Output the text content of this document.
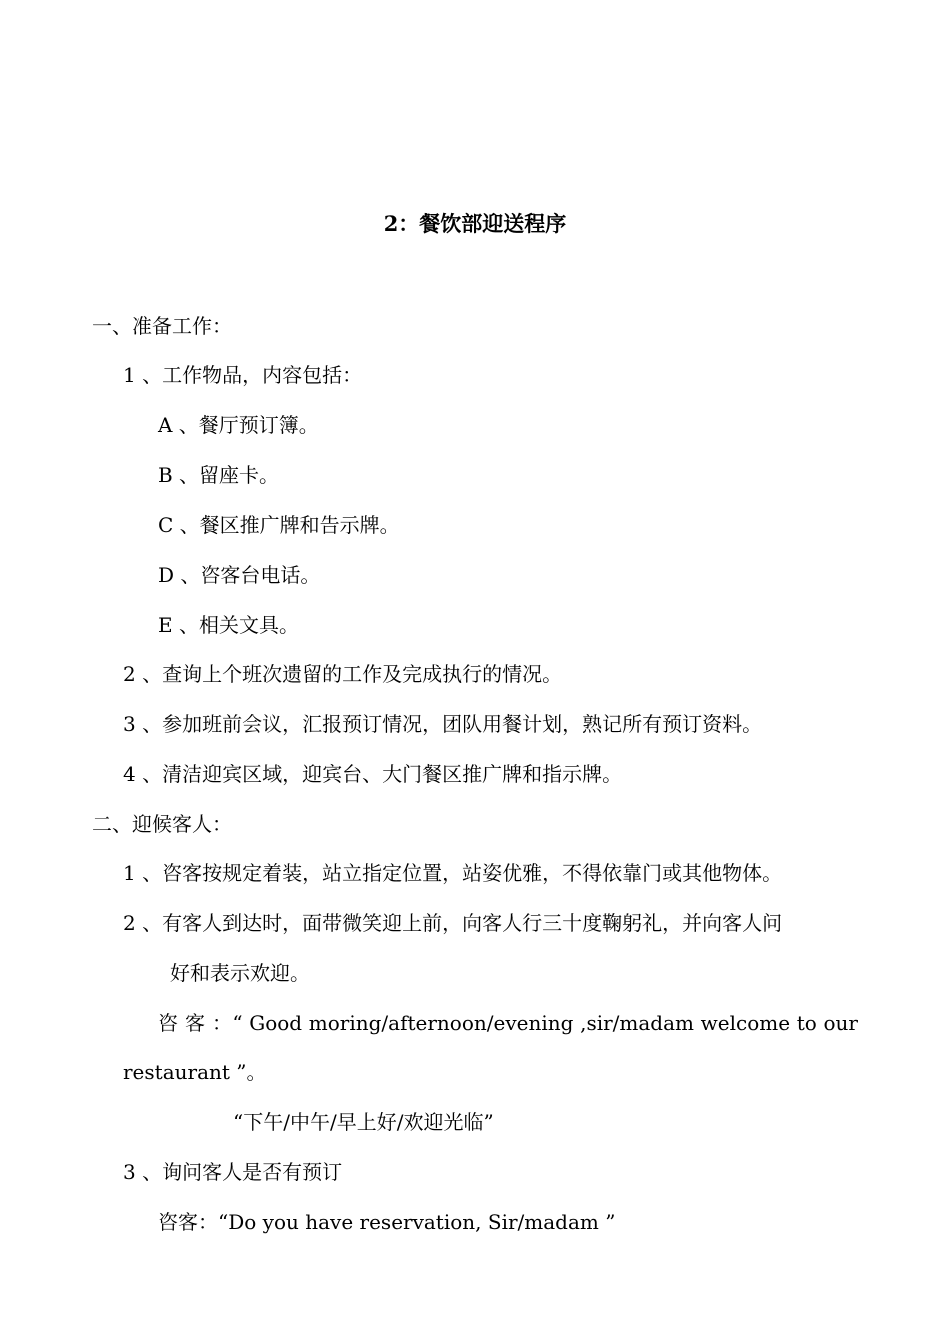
2：餐饮部迎送程序
一、准备工作：
1 、工作物品，内容包括：
A 、餐厅预订簿。
B 、留座卡。
C 、餐区推广牌和告示牌。
D 、咨客台电话。
E 、相关文具。
2 、查询上个班次遗留的工作及完成执行的情况。
3 、参加班前会议，汇报预订情况，团队用餐计划，熟记所有预订资料。
4 、清洁迎宾区域，迎宾台、大门餐区推广牌和指示牌。
二、迎候客人：
1 、咨客按规定着装，站立指定位置，站姿优雅，不得依靠门或其他物体。
2 、有客人到达时，面带微笑迎上前，向客人行三十度鞠躬礼，并向客人问
好和表示欢迎。
咨 客 ：“ Good moring/afternoon/evening ,sir/madam welcome to our
restaurant ”。
“下午/中午/早上好/欢迎光临”
3 、询问客人是否有预订
咨客：“Do you have reservation, Sir/madam ”
